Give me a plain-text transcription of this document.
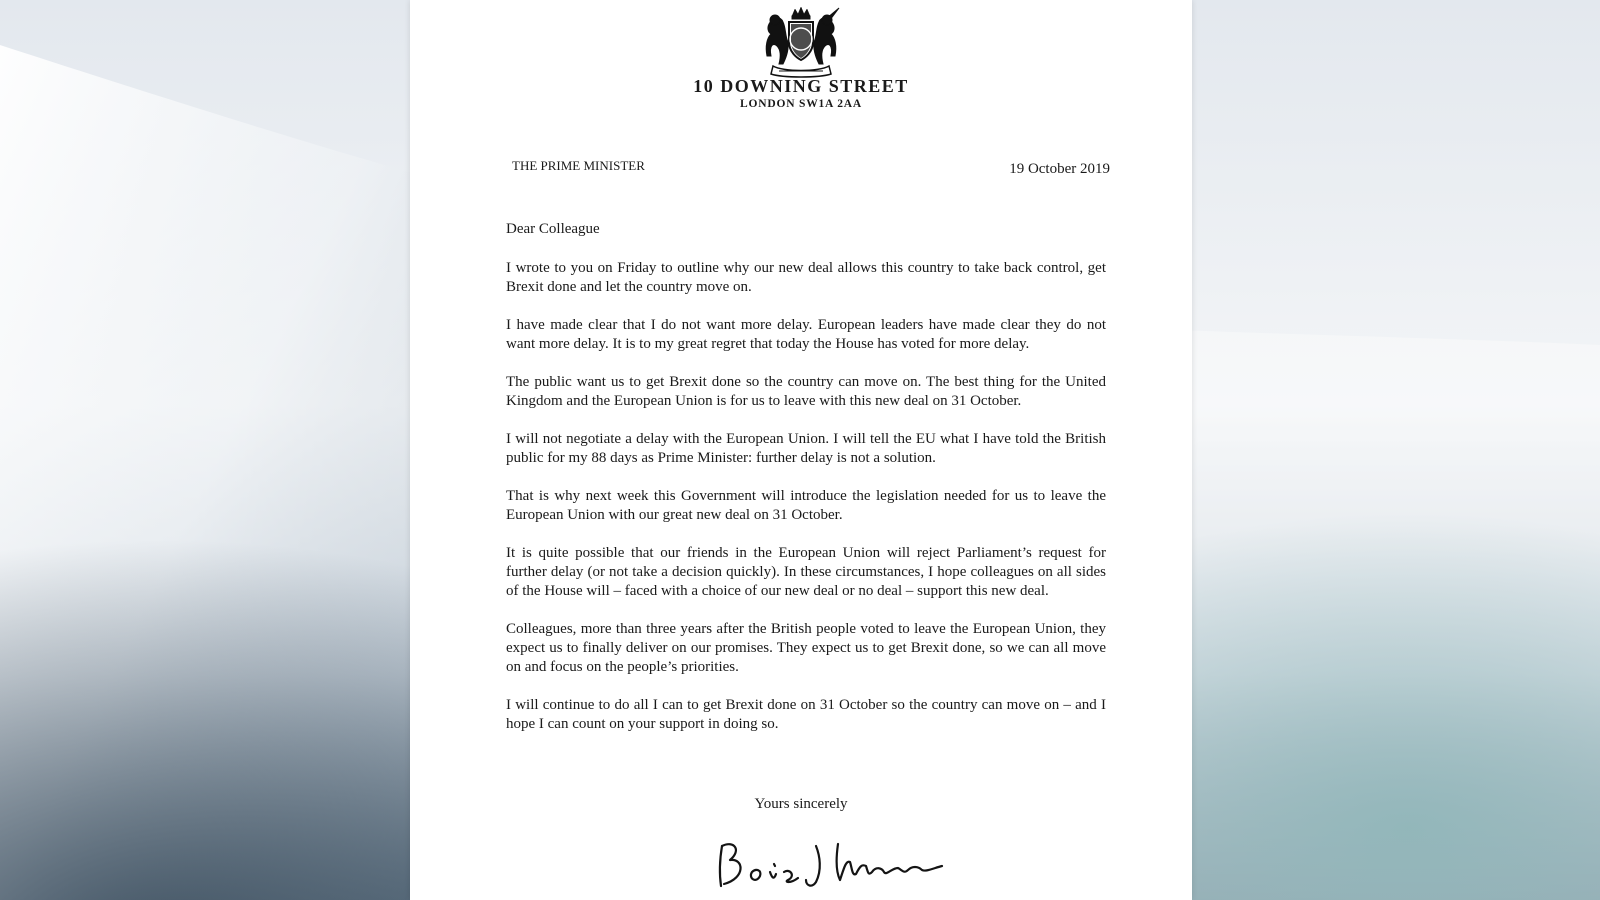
10 DOWNING STREET
LONDON SW1A 2AA
THE PRIME MINISTER	19 October 2019

Dear Colleague

I wrote to you on Friday to outline why our new deal allows this country to take back control, get Brexit done and let the country move on.

I have made clear that I do not want more delay. European leaders have made clear they do not want more delay. It is to my great regret that today the House has voted for more delay.

The public want us to get Brexit done so the country can move on. The best thing for the United Kingdom and the European Union is for us to leave with this new deal on 31 October.

I will not negotiate a delay with the European Union. I will tell the EU what I have told the British public for my 88 days as Prime Minister: further delay is not a solution.

That is why next week this Government will introduce the legislation needed for us to leave the European Union with our great new deal on 31 October.

It is quite possible that our friends in the European Union will reject Parliament’s request for further delay (or not take a decision quickly). In these circumstances, I hope colleagues on all sides of the House will – faced with a choice of our new deal or no deal – support this new deal.

Colleagues, more than three years after the British people voted to leave the European Union, they expect us to finally deliver on our promises. They expect us to get Brexit done, so we can all move on and focus on the people’s priorities.

I will continue to do all I can to get Brexit done on 31 October so the country can move on – and I hope I can count on your support in doing so.

Yours sincerely
